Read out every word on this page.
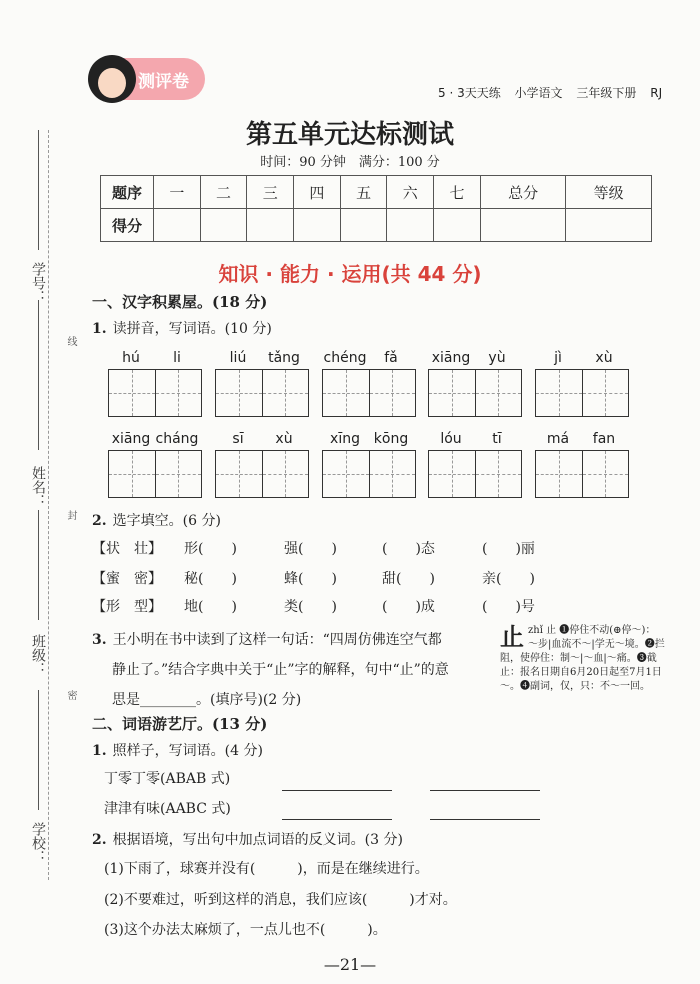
学号：
姓名：
班级：
学校：
线
封
密
测评卷
5 · 3天天练 小学语文 三年级下册 RJ
第五单元达标测试
时间：90 分钟　满分：100 分
题序	一	二	三	四	五	六	七	总分	等级
得分									
知识 · 能力 · 运用(共 44 分)
一、汉字积累屋。(18 分)
1. 读拼音，写词语。(10 分)
hú li	liú tǎng	chéng fǎ	xiāng yù	jì xù
xiāng cháng	sī xù	xīng kōng	lóu tī	má fan
2. 选字填空。(6 分)
【状　壮】 形(　　)	强(　　)	(　　)态	(　　)丽
【蜜　密】 秘(　　)	蜂(　　)	甜(　　)	亲(　　)
【形　型】 地(　　)	类(　　)	(　　)成	(　　)号
3. 王小明在书中读到了这样一句话：“四周仿佛连空气都
静止了。”结合字典中关于“止”字的解释，句中“止”的意
思是________。(填序号)(2 分)
止 zhǐ 止 ❶停住不动(⊕停～)：～步|血流不～|学无～境。❷拦阻，使停住：制～|～血|～痛。❸截止：报名日期自6月20日起至7月1日～。❹副词，仅，只：不～一回。
二、词语游艺厅。(13 分)
1. 照样子，写词语。(4 分)
丁零丁零(ABAB 式)
津津有味(AABC 式)
2. 根据语境，写出句中加点词语的反义词。(3 分)
(1)下雨了，球赛并没有(　　　)，而是在继续进行。
(2)不要难过，听到这样的消息，我们应该(　　　)才对。
(3)这个办法太麻烦了，一点儿也不(　　　)。
—21—
